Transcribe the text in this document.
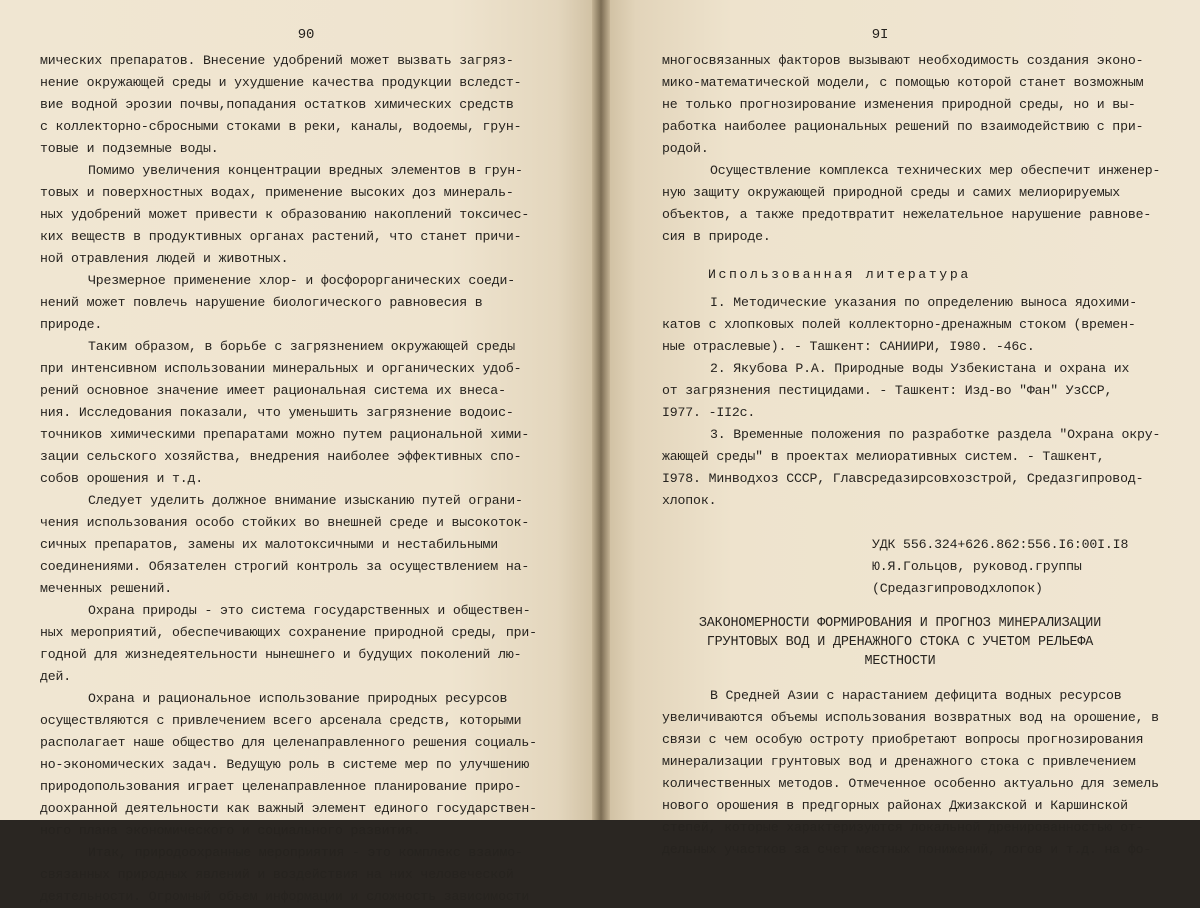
90
мических препаратов. Внесение удобрений может вызвать загряз-
нение окружающей среды и ухудшение качества продукции вследст-
вие водной эрозии почвы,попадания остатков химических средств
с коллекторно-сбросными стоками в реки, каналы, водоемы, грун-
товые и подземные воды.
Помимо увеличения концентрации вредных элементов в грун-
товых и поверхностных водах, применение высоких доз минераль-
ных удобрений может привести к образованию накоплений токсичес-
ких веществ в продуктивных органах растений, что станет причи-
ной отравления людей и животных.
Чрезмерное применение хлор- и фосфорорганических соеди-
нений может повлечь нарушение биологического равновесия в
природе.
Таким образом, в борьбе с загрязнением окружающей среды
при интенсивном использовании минеральных и органических удоб-
рений основное значение имеет рациональная система их внеса-
ния. Исследования показали, что уменьшить загрязнение водоис-
точников химическими препаратами можно путем рациональной хими-
зации сельского хозяйства, внедрения наиболее эффективных спо-
собов орошения и т.д.
Следует уделить должное внимание изысканию путей ограни-
чения использования особо стойких во внешней среде и высокоток-
сичных препаратов, замены их малотоксичными и нестабильными
соединениями. Обязателен строгий контроль за осуществлением на-
меченных решений.
Охрана природы - это система государственных и обществен-
ных мероприятий, обеспечивающих сохранение природной среды, при-
годной для жизнедеятельности нынешнего и будущих поколений лю-
дей.
Охрана и рациональное использование природных ресурсов
осуществляются с привлечением всего арсенала средств, которыми
располагает наше общество для целенаправленного решения социаль-
но-экономических задач. Ведущую роль в системе мер по улучшению
природопользования играет целенаправленное планирование приро-
доохранной деятельности как важный элемент единого государствен-
ного плана экономического и социального развития.
Итак, природоохранные мероприятия - это комплекс взаимо-
связанных природных явлений и воздействия на них человеческой
деятельности. Огромный объем информации и сложность зависимости
9I
многосвязанных факторов вызывают необходимость создания эконо-
мико-математической модели, с помощью которой станет возможным
не только прогнозирование изменения природной среды, но и вы-
работка наиболее рациональных решений по взаимодействию с при-
родой.
Осуществление комплекса технических мер обеспечит инженер-
ную защиту окружающей природной среды и самих мелиорируемых
объектов, а также предотвратит нежелательное нарушение равнове-
сия в природе.
Использованная литература
I. Методические указания по определению выноса ядохими-
катов с хлопковых полей коллекторно-дренажным стоком (времен-
ные отраслевые). - Ташкент: САНИИРИ, I980. -46с.
2. Якубова Р.А. Природные воды Узбекистана и охрана их
от загрязнения пестицидами. - Ташкент: Изд-во "Фан" УзССР,
I977. -II2с.
3. Временные положения по разработке раздела "Охрана окру-
жающей среды" в проектах мелиоративных систем. - Ташкент,
I978. Минводхоз СССР, Главсредазирсовхозстрой, Средазгипровод-
хлопок.
УДК 556.324+626.862:556.I6:00I.I8
Ю.Я.Гольцов, руковод.группы
(Средазгипроводхлопок)
ЗАКОНОМЕРНОСТИ ФОРМИРОВАНИЯ И ПРОГНОЗ МИНЕРАЛИЗАЦИИ
ГРУНТОВЫХ ВОД И ДРЕНАЖНОГО СТОКА С УЧЕТОМ РЕЛЬЕФА
МЕСТНОСТИ
В Средней Азии с нарастанием дефицита водных ресурсов
увеличиваются объемы использования возвратных вод на орошение, в
связи с чем особую остроту приобретают вопросы прогнозирования
минерализации грунтовых вод и дренажного стока с привлечением
количественных методов. Отмеченное особенно актуально для земель
нового орошения в предгорных районах Джизакской и Каршинской
степей, которые характеризуются локальной дренированностью от-
дельных участков за счет местных понижений, логов и т.д. на фо-
